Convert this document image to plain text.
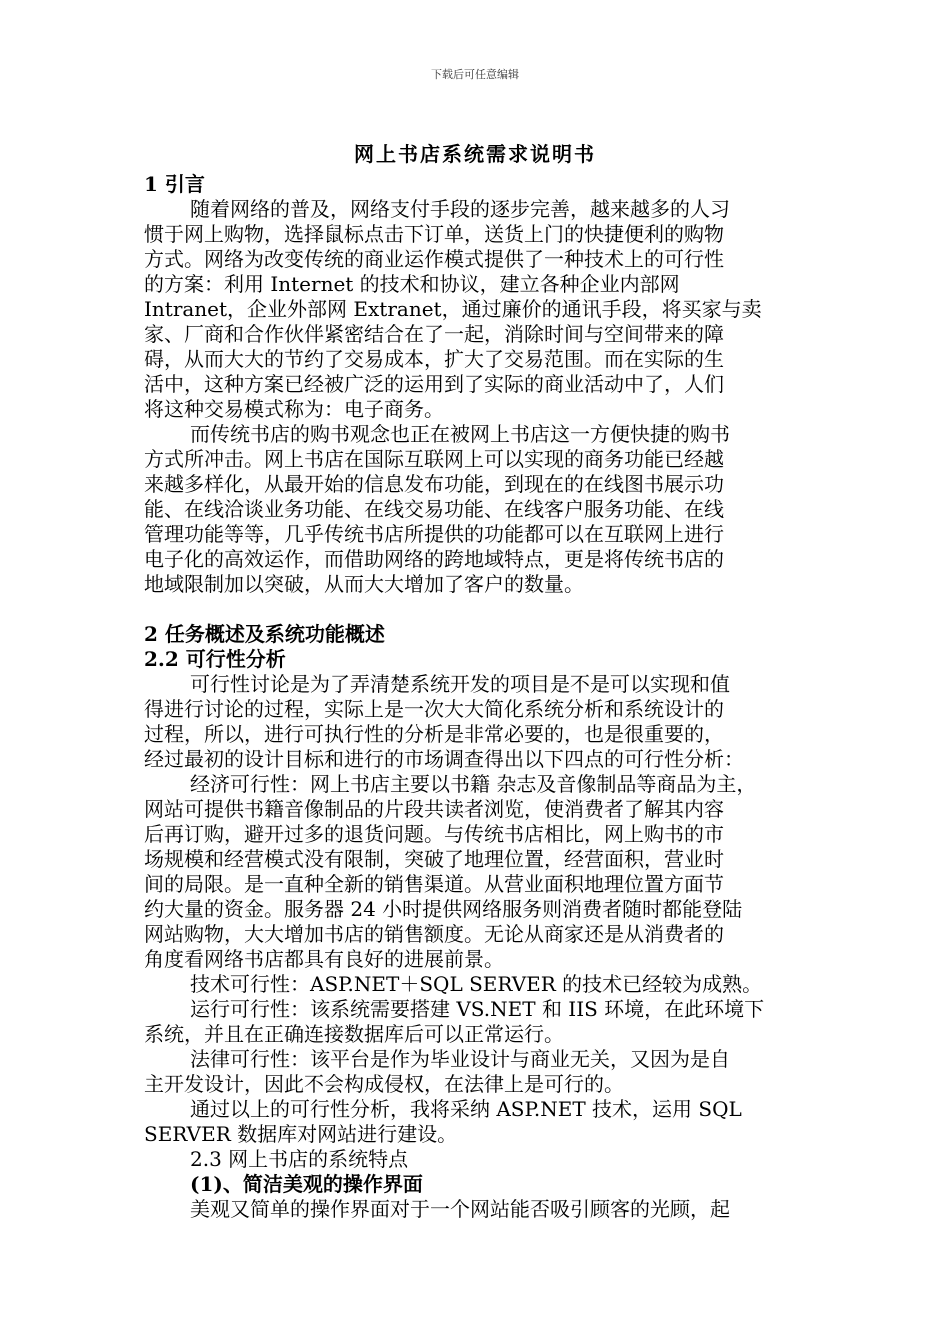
下载后可任意编辑
网上书店系统需求说明书
1 引言
随着网络的普及，网络支付手段的逐步完善，越来越多的人习
惯于网上购物，选择鼠标点击下订单，送货上门的快捷便利的购物
方式。网络为改变传统的商业运作模式提供了一种技术上的可行性
的方案：利用 Internet 的技术和协议，建立各种企业内部网
Intranet，企业外部网 Extranet，通过廉价的通讯手段，将买家与卖
家、厂商和合作伙伴紧密结合在了一起，消除时间与空间带来的障
碍，从而大大的节约了交易成本，扩大了交易范围。而在实际的生
活中，这种方案已经被广泛的运用到了实际的商业活动中了，人们
将这种交易模式称为：电子商务。
而传统书店的购书观念也正在被网上书店这一方便快捷的购书
方式所冲击。网上书店在国际互联网上可以实现的商务功能已经越
来越多样化，从最开始的信息发布功能，到现在的在线图书展示功
能、在线洽谈业务功能、在线交易功能、在线客户服务功能、在线
管理功能等等，几乎传统书店所提供的功能都可以在互联网上进行
电子化的高效运作，而借助网络的跨地域特点，更是将传统书店的
地域限制加以突破，从而大大增加了客户的数量。
2 任务概述及系统功能概述
2.2 可行性分析
可行性讨论是为了弄清楚系统开发的项目是不是可以实现和值
得进行讨论的过程，实际上是一次大大简化系统分析和系统设计的
过程，所以，进行可执行性的分析是非常必要的，也是很重要的，
经过最初的设计目标和进行的市场调查得出以下四点的可行性分析：
经济可行性：网上书店主要以书籍 杂志及音像制品等商品为主，
网站可提供书籍音像制品的片段共读者浏览，使消费者了解其内容
后再订购，避开过多的退货问题。与传统书店相比，网上购书的市
场规模和经营模式没有限制，突破了地理位置，经营面积，营业时
间的局限。是一直种全新的销售渠道。从营业面积地理位置方面节
约大量的资金。服务器 24 小时提供网络服务则消费者随时都能登陆
网站购物，大大增加书店的销售额度。无论从商家还是从消费者的
角度看网络书店都具有良好的进展前景。
技术可行性：ASP.NET＋SQL SERVER 的技术已经较为成熟。
运行可行性：该系统需要搭建 VS.NET 和 IIS 环境，在此环境下
系统，并且在正确连接数据库后可以正常运行。
法律可行性：该平台是作为毕业设计与商业无关，又因为是自
主开发设计，因此不会构成侵权，在法律上是可行的。
通过以上的可行性分析，我将采纳 ASP.NET 技术，运用 SQL
SERVER 数据库对网站进行建设。
2.3 网上书店的系统特点
(1)、简洁美观的操作界面
美观又简单的操作界面对于一个网站能否吸引顾客的光顾，起
